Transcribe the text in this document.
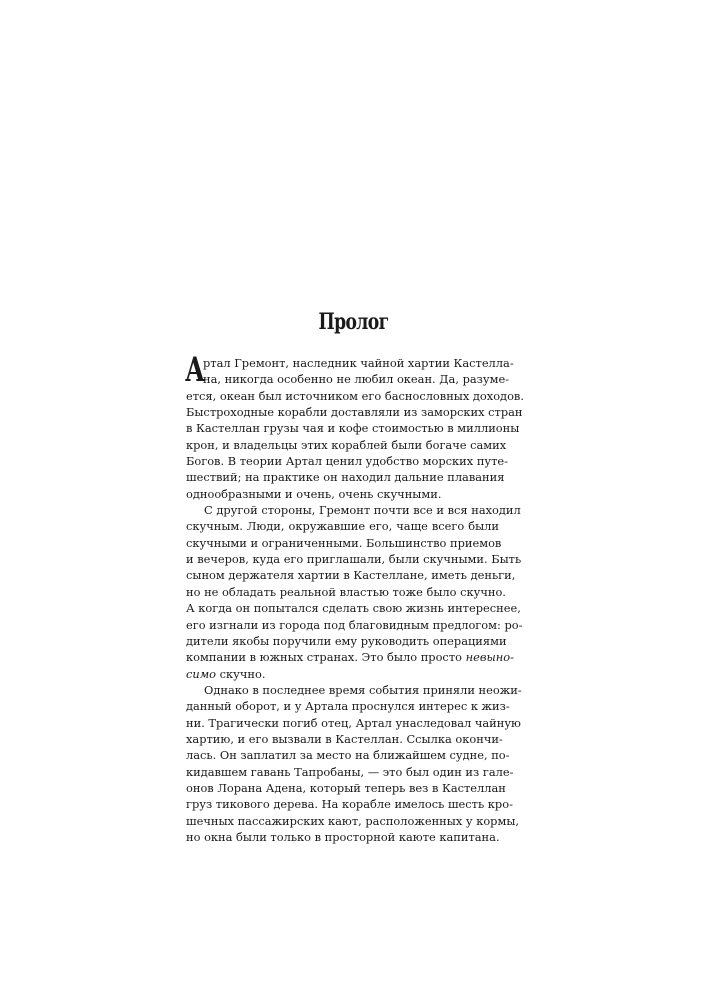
Пролог
А
ртал Гремонт, наследник чайной хартии Кастелла-
на, никогда особенно не любил океан. Да, разуме-
ется, океан был источником его баснословных доходов.
Быстроходные корабли доставляли из заморских стран
в Кастеллан грузы чая и кофе стоимостью в миллионы
крон, и владельцы этих кораблей были богаче самих
Богов. В теории Артал ценил удобство морских путе-
шествий; на практике он находил дальние плавания
однообразными и очень, очень скучными.
С другой стороны, Гремонт почти все и вся находил
скучным. Люди, окружавшие его, чаще всего были
скучными и ограниченными. Большинство приемов
и вечеров, куда его приглашали, были скучными. Быть
сыном держателя хартии в Кастеллане, иметь деньги,
но не обладать реальной властью тоже было скучно.
А когда он попытался сделать свою жизнь интереснее,
его изгнали из города под благовидным предлогом: ро-
дители якобы поручили ему руководить операциями
компании в южных странах. Это было просто невыно-
симо скучно.
Однако в последнее время события приняли неожи-
данный оборот, и у Артала проснулся интерес к жиз-
ни. Трагически погиб отец, Артал унаследовал чайную
хартию, и его вызвали в Кастеллан. Ссылка окончи-
лась. Он заплатил за место на ближайшем судне, по-
кидавшем гавань Тапробаны, — это был один из гале-
онов Лорана Адена, который теперь вез в Кастеллан
груз тикового дерева. На корабле имелось шесть кро-
шечных пассажирских кают, расположенных у кормы,
но окна были только в просторной каюте капитана.
